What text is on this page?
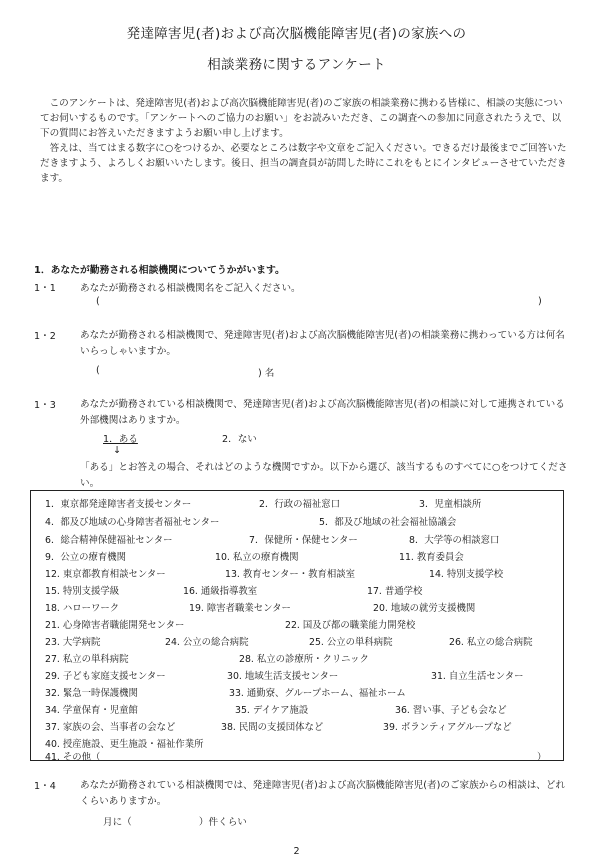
発達障害児(者)および高次脳機能障害児(者)の家族への
相談業務に関するアンケート

このアンケートは、発達障害児(者)および高次脳機能障害児(者)のご家族の相談業務に携わる皆様に、相談の実態についてお伺いするものです。「アンケートへのご協力のお願い」をお読みいただき、この調査への参加に同意されたうえで、以下の質問にお答えいただきますようお願い申し上げます。

答えは、当てはまる数字に○をつけるか、必要なところは数字や文章をご記入ください。できるだけ最後までご回答いただきますよう、よろしくお願いいたします。後日、担当の調査員が訪問した時にこれをもとにインタビューさせていただきます。

1．あなたが勤務される相談機関についてうかがいます。
1・1	あなたが勤務される相談機関名をご記入ください。
(	)
1・2	あなたが勤務される相談機関で、発達障害児(者)および高次脳機能障害児(者)の相談業務に携わっている方は何名いらっしゃいますか。
(	) 名
1・3	あなたが勤務されている相談機関で、発達障害児(者)および高次脳機能障害児(者)の相談に対して連携されている外部機関はありますか。
1．ある	2．ない
↓
「ある」とお答えの場合、それはどのような機関ですか。以下から選び、該当するものすべてに○をつけてください。
1．東京都発達障害者支援センター	2．行政の福祉窓口	3．児童相談所
4．都及び地域の心身障害者福祉センター	5．都及び地域の社会福祉協議会
6．総合精神保健福祉センター	7．保健所・保健センター	8．大学等の相談窓口
9．公立の療育機関	10. 私立の療育機関	11. 教育委員会
12. 東京都教育相談センター	13. 教育センター・教育相談室	14. 特別支援学校
15. 特別支援学級	16. 通級指導教室	17. 普通学校
18. ハローワーク	19. 障害者職業センター	20. 地域の就労支援機関
21. 心身障害者職能開発センター	22. 国及び都の職業能力開発校
23. 大学病院	24. 公立の総合病院	25. 公立の単科病院	26. 私立の総合病院
27. 私立の単科病院	28. 私立の診療所・クリニック
29. 子ども家庭支援センター	30. 地域生活支援センター	31. 自立生活センター
32. 緊急一時保護機関	33. 通勤寮、グループホーム、福祉ホーム
34. 学童保育・児童館	35. デイケア施設	36. 習い事、子ども会など
37. 家族の会、当事者の会など	38. 民間の支援団体など	39. ボランティアグループなど
40. 授産施設、更生施設・福祉作業所
41. その他（	）
1・4	あなたが勤務されている相談機関では、発達障害児(者)および高次脳機能障害児(者)のご家族からの相談は、どれくらいありますか。
月に（　　　　　　　）件くらい
2
